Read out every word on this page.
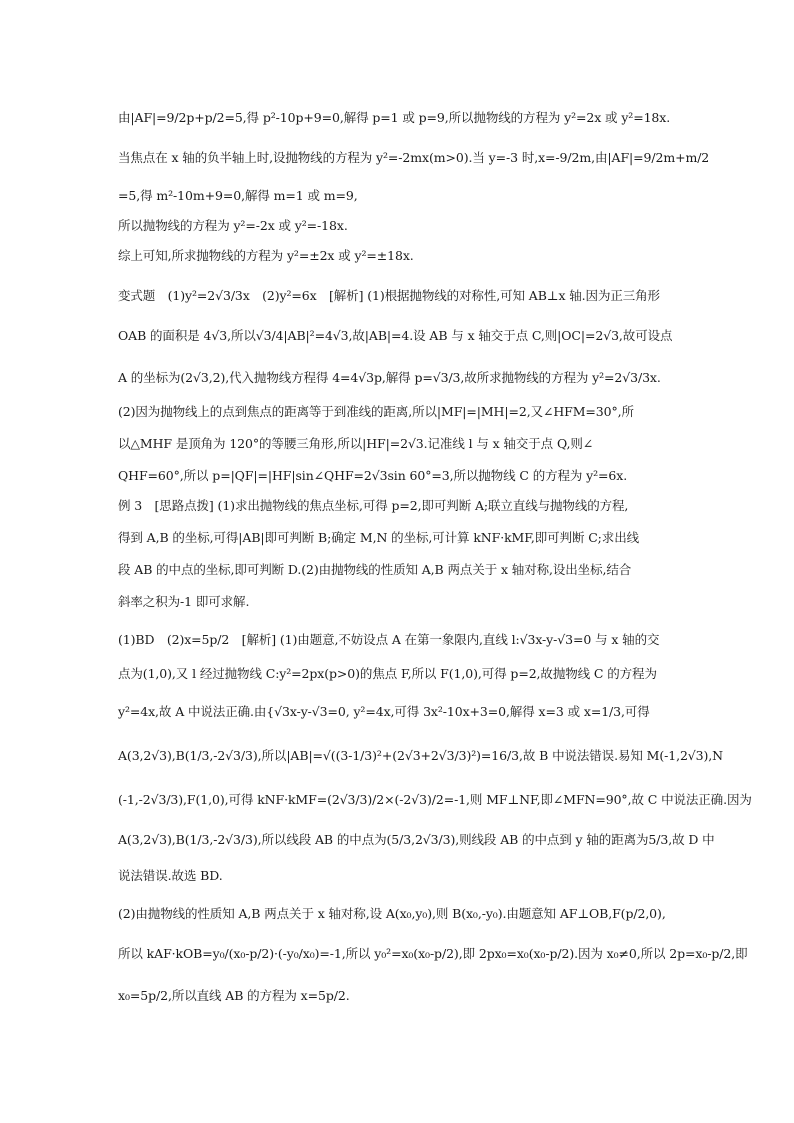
由|AF|=9/2p+p/2=5,得 p²-10p+9=0,解得 p=1 或 p=9,所以抛物线的方程为 y²=2x 或 y²=18x.
当焦点在 x 轴的负半轴上时,设抛物线的方程为 y²=-2mx(m>0).当 y=-3 时,x=-9/2m,由|AF|=9/2m+m/2
=5,得 m²-10m+9=0,解得 m=1 或 m=9,
所以抛物线的方程为 y²=-2x 或 y²=-18x.
综上可知,所求抛物线的方程为 y²=±2x 或 y²=±18x.
变式题　(1)y²=2√3/3x　(2)y²=6x　[解析] (1)根据抛物线的对称性,可知 AB⊥x 轴.因为正三角形
OAB 的面积是 4√3,所以√3/4|AB|²=4√3,故|AB|=4.设 AB 与 x 轴交于点 C,则|OC|=2√3,故可设点
A 的坐标为(2√3,2),代入抛物线方程得 4=4√3p,解得 p=√3/3,故所求抛物线的方程为 y²=2√3/3x.
(2)因为抛物线上的点到焦点的距离等于到准线的距离,所以|MF|=|MH|=2,又∠HFM=30°,所
以△MHF 是顶角为 120°的等腰三角形,所以|HF|=2√3.记准线 l 与 x 轴交于点 Q,则∠
QHF=60°,所以 p=|QF|=|HF|sin∠QHF=2√3sin 60°=3,所以抛物线 C 的方程为 y²=6x.
例 3　[思路点拨] (1)求出抛物线的焦点坐标,可得 p=2,即可判断 A;联立直线与抛物线的方程,
得到 A,B 的坐标,可得|AB|即可判断 B;确定 M,N 的坐标,可计算 kNF·kMF,即可判断 C;求出线
段 AB 的中点的坐标,即可判断 D.(2)由抛物线的性质知 A,B 两点关于 x 轴对称,设出坐标,结合
斜率之积为-1 即可求解.
(1)BD　(2)x=5p/2　[解析] (1)由题意,不妨设点 A 在第一象限内,直线 l:√3x-y-√3=0 与 x 轴的交
点为(1,0),又 l 经过抛物线 C:y²=2px(p>0)的焦点 F,所以 F(1,0),可得 p=2,故抛物线 C 的方程为
y²=4x,故 A 中说法正确.由{√3x-y-√3=0, y²=4x,可得 3x²-10x+3=0,解得 x=3 或 x=1/3,可得
A(3,2√3),B(1/3,-2√3/3),所以|AB|=√((3-1/3)²+(2√3+2√3/3)²)=16/3,故 B 中说法错误.易知 M(-1,2√3),N
(-1,-2√3/3),F(1,0),可得 kNF·kMF=(2√3/3)/2×(-2√3)/2=-1,则 MF⊥NF,即∠MFN=90°,故 C 中说法正确.因为
A(3,2√3),B(1/3,-2√3/3),所以线段 AB 的中点为(5/3,2√3/3),则线段 AB 的中点到 y 轴的距离为5/3,故 D 中
说法错误.故选 BD.
(2)由抛物线的性质知 A,B 两点关于 x 轴对称,设 A(x₀,y₀),则 B(x₀,-y₀).由题意知 AF⊥OB,F(p/2,0),
所以 kAF·kOB=y₀/(x₀-p/2)·(-y₀/x₀)=-1,所以 y₀²=x₀(x₀-p/2),即 2px₀=x₀(x₀-p/2).因为 x₀≠0,所以 2p=x₀-p/2,即
x₀=5p/2,所以直线 AB 的方程为 x=5p/2.
